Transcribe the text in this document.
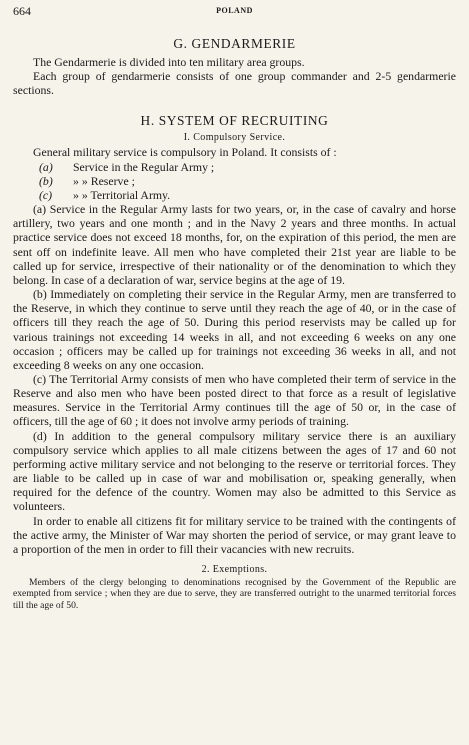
664	POLAND
G. GENDARMERIE

The Gendarmerie is divided into ten military area groups.

Each group of gendarmerie consists of one group commander and 2-5 gendarmerie sections.

H. SYSTEM OF RECRUITING
I. Compulsory Service.

General military service is compulsory in Poland. It consists of :

(a) Service in the Regular Army ;
(b) » » Reserve ;
(c) » » Territorial Army.

(a) Service in the Regular Army lasts for two years, or, in the case of cavalry and horse artillery, two years and one month ; and in the Navy 2 years and three months. In actual practice service does not exceed 18 months, for, on the expiration of this period, the men are sent off on indefinite leave. All men who have completed their 21st year are liable to be called up for service, irrespective of their nationality or of the denomination to which they belong. In case of a declaration of war, service begins at the age of 19.

(b) Immediately on completing their service in the Regular Army, men are transferred to the Reserve, in which they continue to serve until they reach the age of 40, or in the case of officers till they reach the age of 50. During this period reservists may be called up for various trainings not exceeding 14 weeks in all, and not exceeding 6 weeks on any one occasion ; officers may be called up for trainings not exceeding 36 weeks in all, and not exceeding 8 weeks on any one occasion.

(c) The Territorial Army consists of men who have completed their term of service in the Reserve and also men who have been posted direct to that force as a result of legislative measures. Service in the Territorial Army continues till the age of 50 or, in the case of officers, till the age of 60 ; it does not involve army periods of training.

(d) In addition to the general compulsory military service there is an auxiliary compulsory service which applies to all male citizens between the ages of 17 and 60 not performing active military service and not belonging to the reserve or territorial forces. They are liable to be called up in case of war and mobilisation or, speaking generally, when required for the defence of the country. Women may also be admitted to this Service as volunteers.

In order to enable all citizens fit for military service to be trained with the contingents of the active army, the Minister of War may shorten the period of service, or may grant leave to a proportion of the men in order to fill their vacancies with new recruits.

2. Exemptions.

Members of the clergy belonging to denominations recognised by the Government of the Republic are exempted from service ; when they are due to serve, they are transferred outright to the unarmed territorial forces till the age of 50.
